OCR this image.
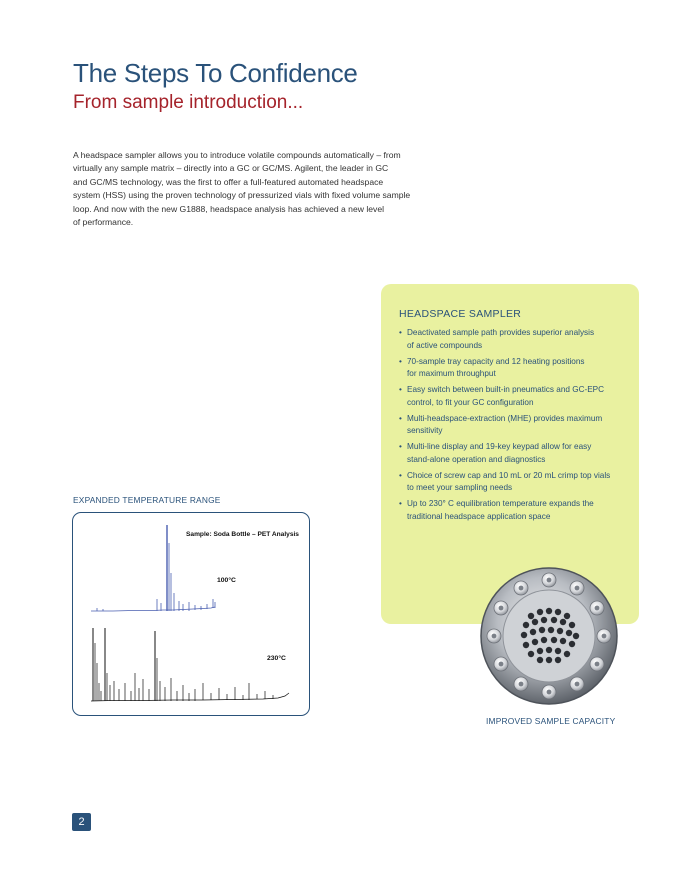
The Steps To Confidence
From sample introduction...

A headspace sampler allows you to introduce volatile compounds automatically – from
virtually any sample matrix – directly into a GC or GC/MS. Agilent, the leader in GC
and GC/MS technology, was the first to offer a full-featured automated headspace
system (HSS) using the proven technology of pressurized vials with fixed volume sample
loop. And now with the new G1888, headspace analysis has achieved a new level
of performance.

HEADSPACE SAMPLER
• Deactivated sample path provides superior analysis
of active compounds
• 70-sample tray capacity and 12 heating positions
for maximum throughput
• Easy switch between built-in pneumatics and GC-EPC
control, to fit your GC configuration
• Multi-headspace-extraction (MHE) provides maximum
sensitivity
• Multi-line display and 19-key keypad allow for easy
stand-alone operation and diagnostics
• Choice of screw cap and 10 mL or 20 mL crimp top vials
to meet your sampling needs
• Up to 230° C equilibration temperature expands the
traditional headspace application space

EXPANDED TEMPERATURE RANGE

Sample: Soda Bottle – PET Analysis
100°C
230°C

IMPROVED SAMPLE CAPACITY

2
